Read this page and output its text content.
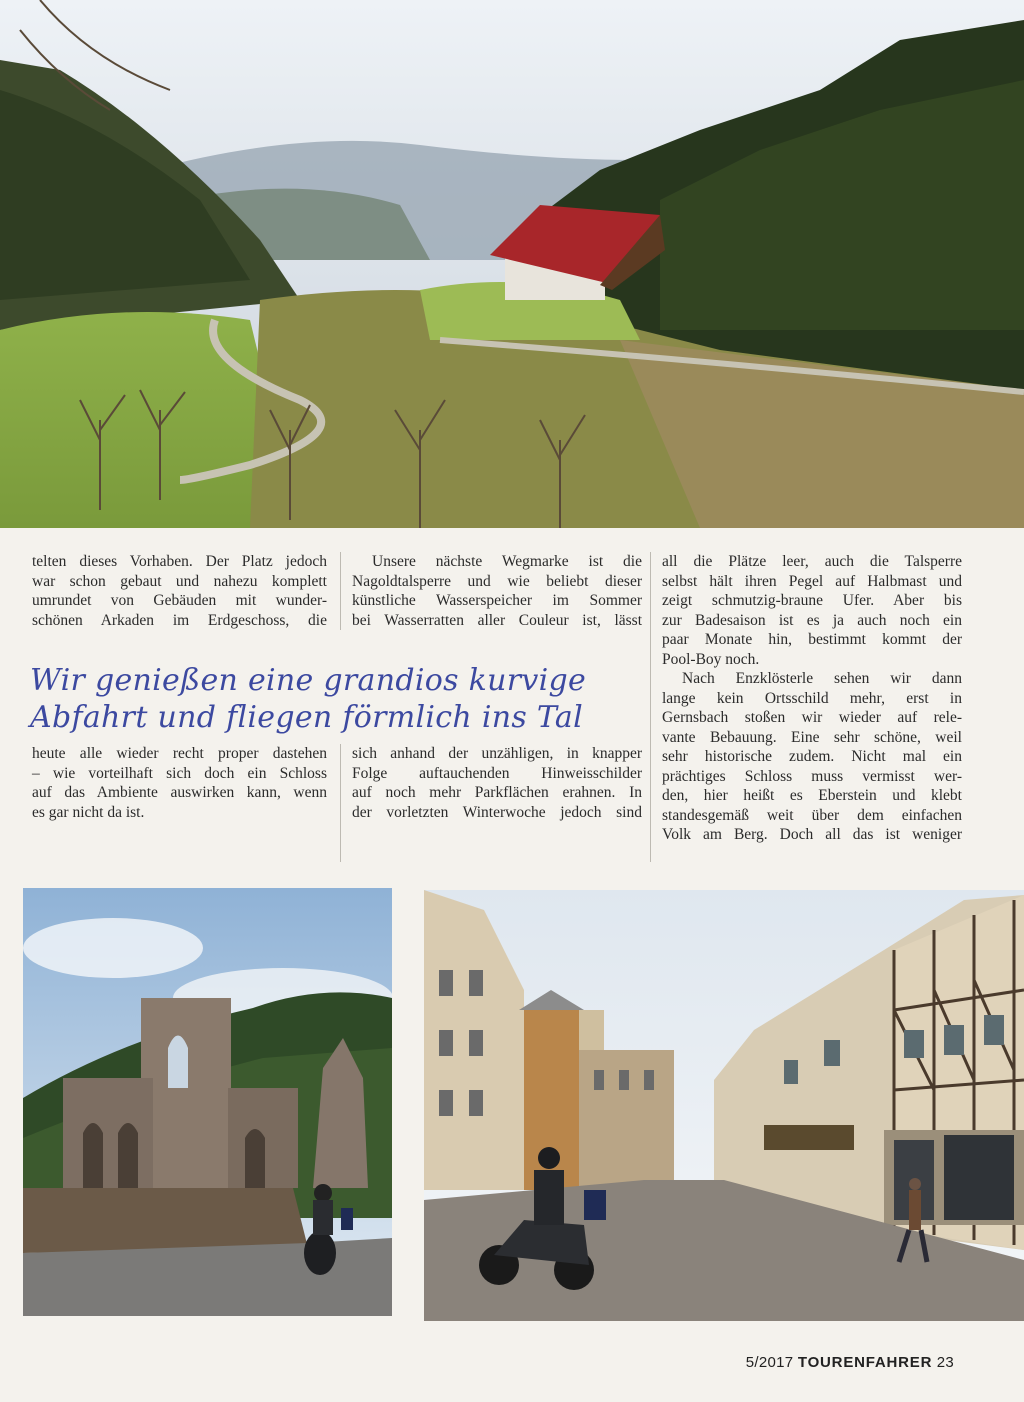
telten dieses Vorhaben. Der Platz jedoch

war schon gebaut und nahezu komplett

umrundet von Gebäuden mit wunder-

schönen Arkaden im Erdgeschoss, die

Unsere nächste Wegmarke ist die

Nagoldtalsperre und wie beliebt dieser

künstliche Wasserspeicher im Sommer

bei Wasserratten aller Couleur ist, lässt

Wir genießen eine grandios kurvige
Abfahrt und fliegen förmlich ins Tal

heute alle wieder recht proper dastehen

– wie vorteilhaft sich doch ein Schloss

auf das Ambiente auswirken kann, wenn

es gar nicht da ist.

sich anhand der unzähligen, in knapper

Folge auftauchenden Hinweisschilder

auf noch mehr Parkflächen erahnen. In

der vorletzten Winterwoche jedoch sind

all die Plätze leer, auch die Talsperre

selbst hält ihren Pegel auf Halbmast und

zeigt schmutzig-braune Ufer. Aber bis

zur Badesaison ist es ja auch noch ein

paar Monate hin, bestimmt kommt der

Pool-Boy noch.

Nach Enzklösterle sehen wir dann

lange kein Ortsschild mehr, erst in

Gernsbach stoßen wir wieder auf rele-

vante Bebauung. Eine sehr schöne, weil

sehr historische zudem. Nicht mal ein

prächtiges Schloss muss vermisst wer-

den, hier heißt es Eberstein und klebt

standesgemäß weit über dem einfachen

Volk am Berg. Doch all das ist weniger

5/2017 TOURENFAHRER 23
